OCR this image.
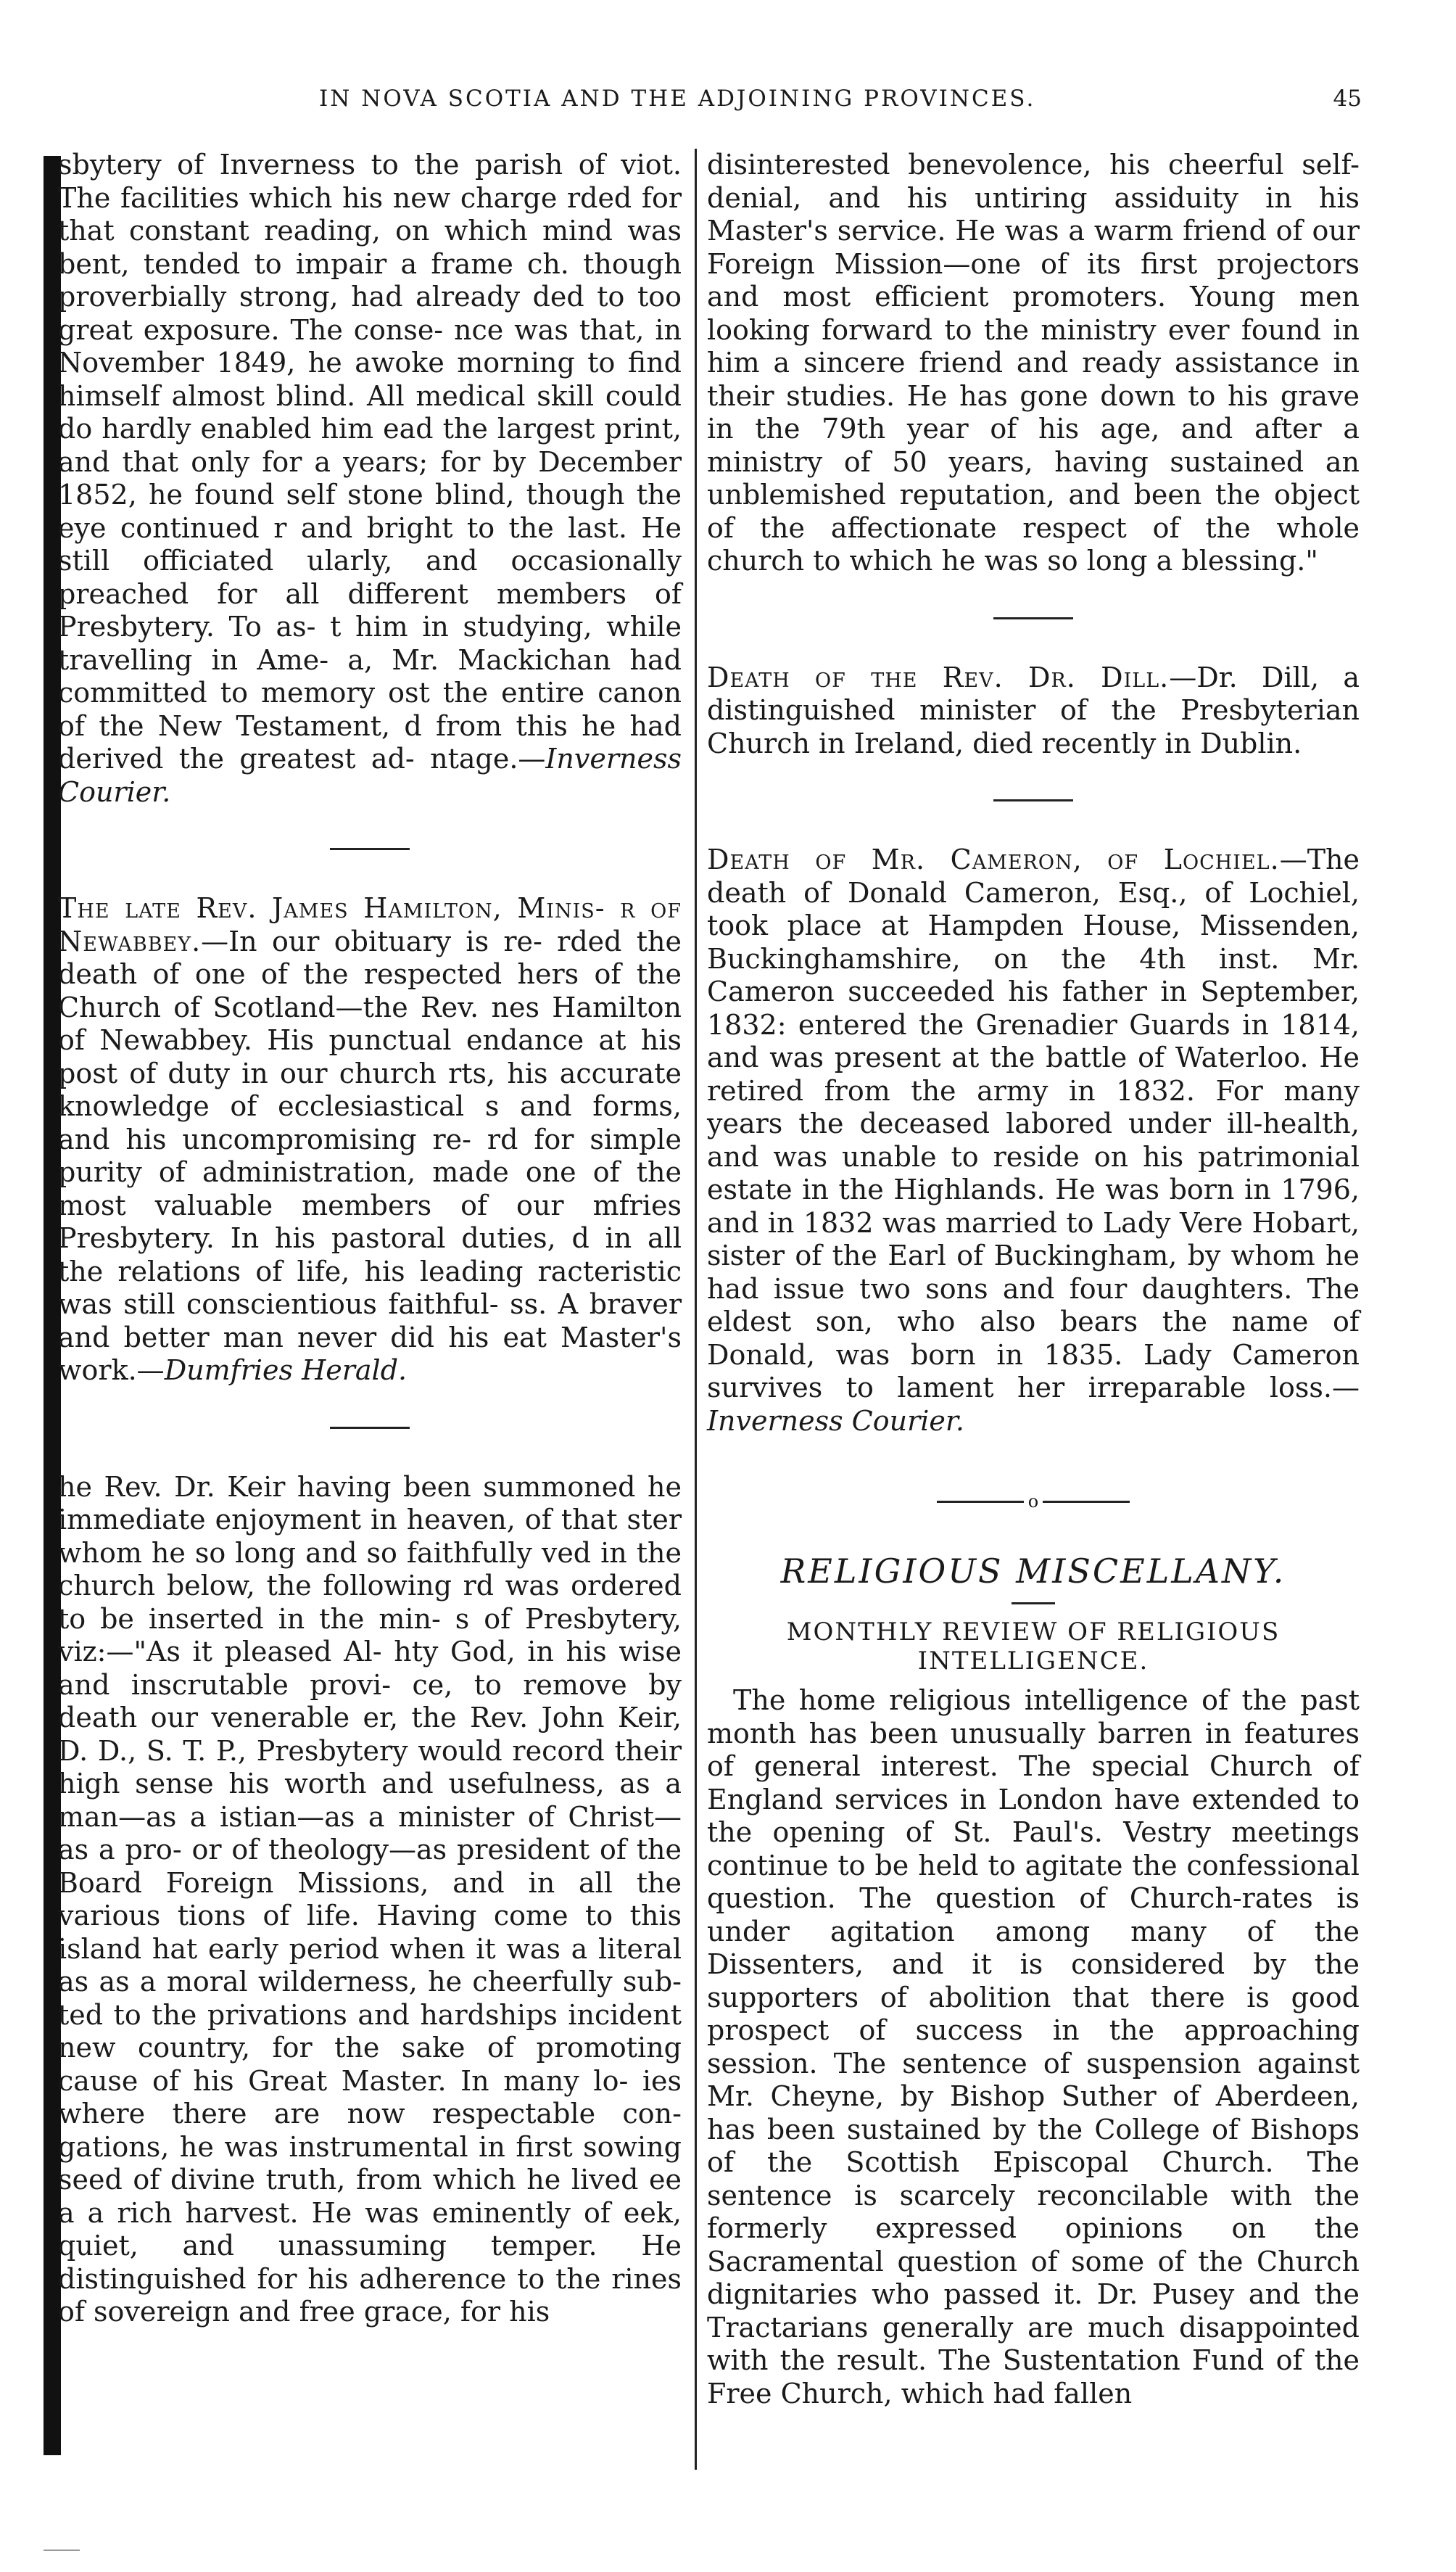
IN NOVA SCOTIA AND THE ADJOINING PROVINCES.	45

sbytery of Inverness to the parish of viot. The facilities which his new charge rded for that constant reading, on which mind was bent, tended to impair a frame ch. though proverbially strong, had already ded to too great exposure. The conse- nce was that, in November 1849, he awoke morning to find himself almost blind. All medical skill could do hardly enabled him ead the largest print, and that only for a years; for by December 1852, he found self stone blind, though the eye continued r and bright to the last. He still officiated ularly, and occasionally preached for all different members of Presbytery. To as- t him in studying, while travelling in Ame- a, Mr. Mackichan had committed to memory ost the entire canon of the New Testament, d from this he had derived the greatest ad- ntage.—Inverness Courier.

The late Rev. James Hamilton, Minis- r of Newabbey.—In our obituary is re- rded the death of one of the respected hers of the Church of Scotland—the Rev. nes Hamilton of Newabbey. His punctual endance at his post of duty in our church rts, his accurate knowledge of ecclesiastical s and forms, and his uncompromising re- rd for simple purity of administration, made one of the most valuable members of our mfries Presbytery. In his pastoral duties, d in all the relations of life, his leading racteristic was still conscientious faithful- ss. A braver and better man never did his eat Master's work.—Dumfries Herald.

he Rev. Dr. Keir having been summoned he immediate enjoyment in heaven, of that ster whom he so long and so faithfully ved in the church below, the following rd was ordered to be inserted in the min- s of Presbytery, viz:—"As it pleased Al- hty God, in his wise and inscrutable provi- ce, to remove by death our venerable er, the Rev. John Keir, D. D., S. T. P., Presbytery would record their high sense his worth and usefulness, as a man—as a istian—as a minister of Christ—as a pro- or of theology—as president of the Board Foreign Missions, and in all the various tions of life. Having come to this island hat early period when it was a literal as as a moral wilderness, he cheerfully sub- ted to the privations and hardships incident new country, for the sake of promoting cause of his Great Master. In many lo- ies where there are now respectable con- gations, he was instrumental in first sowing seed of divine truth, from which he lived ee a a rich harvest. He was eminently of eek, quiet, and unassuming temper. He distinguished for his adherence to the rines of sovereign and free grace, for his

disinterested benevolence, his cheerful self-denial, and his untiring assiduity in his Master's service. He was a warm friend of our Foreign Mission—one of its first projectors and most efficient promoters. Young men looking forward to the ministry ever found in him a sincere friend and ready assistance in their studies. He has gone down to his grave in the 79th year of his age, and after a ministry of 50 years, having sustained an unblemished reputation, and been the object of the affectionate respect of the whole church to which he was so long a blessing."

Death of the Rev. Dr. Dill.—Dr. Dill, a distinguished minister of the Presbyterian Church in Ireland, died recently in Dublin.

Death of Mr. Cameron, of Lochiel.—The death of Donald Cameron, Esq., of Lochiel, took place at Hampden House, Missenden, Buckinghamshire, on the 4th inst. Mr. Cameron succeeded his father in September, 1832: entered the Grenadier Guards in 1814, and was present at the battle of Waterloo. He retired from the army in 1832. For many years the deceased labored under ill-health, and was unable to reside on his patrimonial estate in the Highlands. He was born in 1796, and in 1832 was married to Lady Vere Hobart, sister of the Earl of Buckingham, by whom he had issue two sons and four daughters. The eldest son, who also bears the name of Donald, was born in 1835. Lady Cameron survives to lament her irreparable loss.—Inverness Courier.

o
RELIGIOUS MISCELLANY.
MONTHLY REVIEW OF RELIGIOUS INTELLIGENCE.

The home religious intelligence of the past month has been unusually barren in features of general interest. The special Church of England services in London have extended to the opening of St. Paul's. Vestry meetings continue to be held to agitate the confessional question. The question of Church-rates is under agitation among many of the Dissenters, and it is considered by the supporters of abolition that there is good prospect of success in the approaching session. The sentence of suspension against Mr. Cheyne, by Bishop Suther of Aberdeen, has been sustained by the College of Bishops of the Scottish Episcopal Church. The sentence is scarcely reconcilable with the formerly expressed opinions on the Sacramental question of some of the Church dignitaries who passed it. Dr. Pusey and the Tractarians generally are much disappointed with the result. The Sustentation Fund of the Free Church, which had fallen
